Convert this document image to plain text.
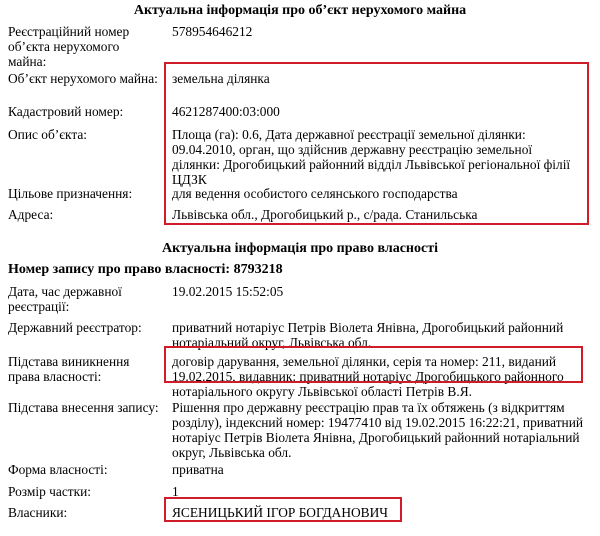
Актуальна інформація про об’єкт нерухомого майна
Реєстраційний номер об’єкта нерухомого майна:
578954646212
Об’єкт нерухомого майна: земельна ділянка
Кадастровий номер:	4621287400:03:000
Опис об’єкта:	Площа (га): 0.6, Дата державної реєстрації земельної ділянки: 09.04.2010, орган, що здійснив державну реєстрацію земельної ділянки: Дрогобицький районний відділ Львівської регіональної філії ЦДЗК
Цільове призначення:	для ведення особистого селянського господарства
Адреса:	Львівська обл., Дрогобицький р., с/рада. Станильська
Актуальна інформація про право власності
Номер запису про право власності: 8793218
Дата, час державної реєстрації:
19.02.2015 15:52:05
Державний реєстратор:	приватний нотаріус Петрів Віолета Янівна, Дрогобицький районний нотаріальний округ, Львівська обл.
Підстава виникнення права власності:
договір дарування, земельної ділянки, серія та номер: 211, виданий 19.02.2015, видавник: приватний нотаріус Дрогобицького районного нотаріального округу Львівської області Петрів В.Я.
Підстава внесення запису: Рішення про державну реєстрацію прав та їх обтяжень (з відкриттям розділу), індексний номер: 19477410 від 19.02.2015 16:22:21, приватний нотаріус Петрів Віолета Янівна, Дрогобицький районний нотаріальний округ, Львівська обл.
Форма власності:	приватна
Розмір частки:	1
Власники:	ЯСЕНИЦЬКИЙ ІГОР БОГДАНОВИЧ
